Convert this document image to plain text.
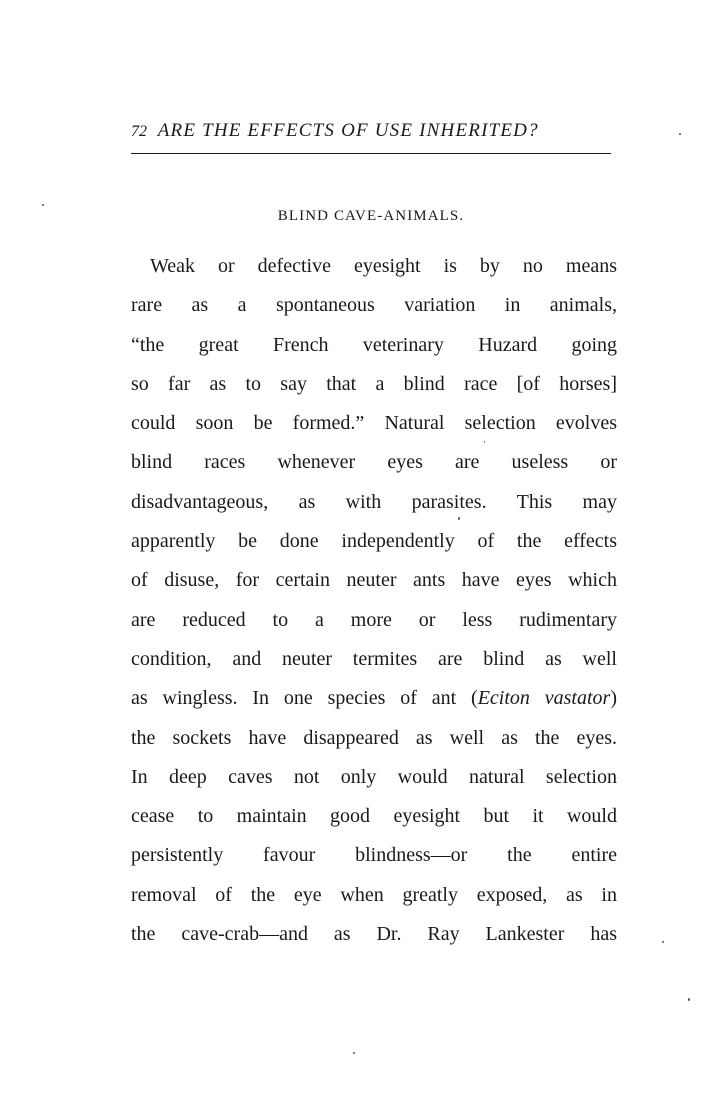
72 ARE THE EFFECTS OF USE INHERITED?
BLIND CAVE-ANIMALS.
Weak or defective eyesight is by no means
rare as a spontaneous variation in animals,
“the great French veterinary Huzard going
so far as to say that a blind race [of horses]
could soon be formed.” Natural selection evolves
blind races whenever eyes are useless or
disadvantageous, as with parasites. This may
apparently be done independently of the effects
of disuse, for certain neuter ants have eyes which
are reduced to a more or less rudimentary
condition, and neuter termites are blind as well
as wingless. In one species of ant (Eciton vastator)
the sockets have disappeared as well as the eyes.
In deep caves not only would natural selection
cease to maintain good eyesight but it would
persistently favour blindness—or the entire
removal of the eye when greatly exposed, as in
the cave-crab—and as Dr. Ray Lankester has
